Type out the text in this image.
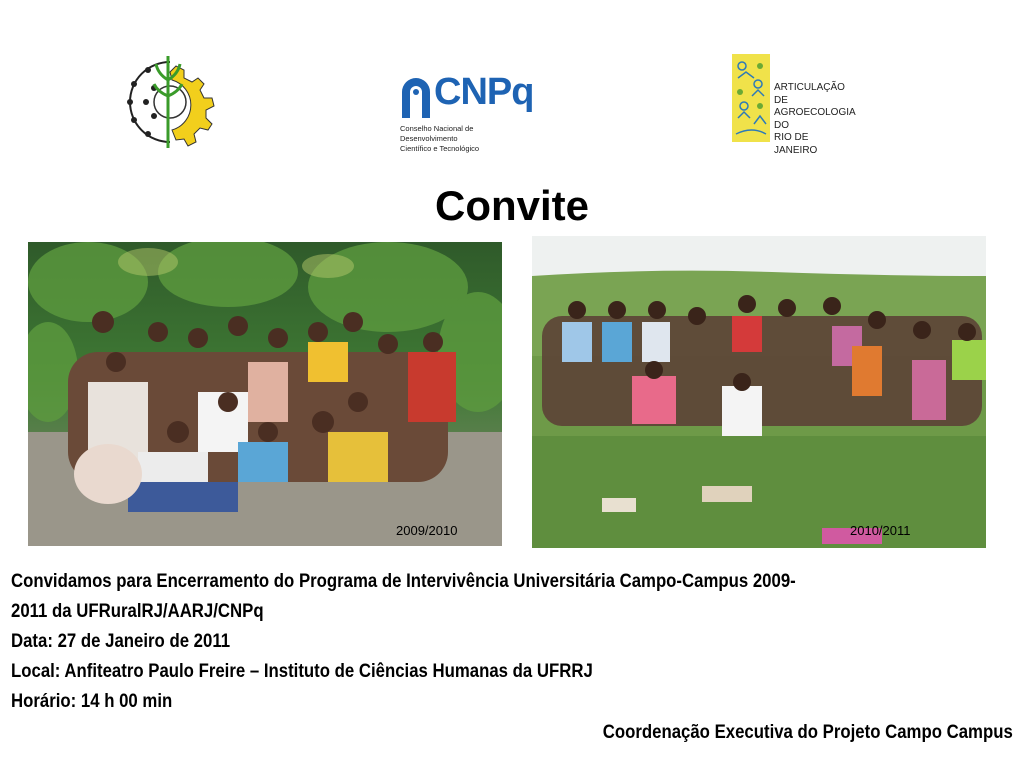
CNPq
Conselho Nacional de Desenvolvimento
Científico e Tecnológico
ARTICULAÇÃO DE
AGROECOLOGIA DO
RIO DE
JANEIRO
Convite
2009/2010	2010/2011
Convidamos para Encerramento do Programa de Intervivência Universitária Campo-Campus 2009-
2011 da UFRuralRJ/AARJ/CNPq
Data: 27 de Janeiro de 2011
Local: Anfiteatro Paulo Freire – Instituto de Ciências Humanas da UFRRJ
Horário: 14 h 00 min
Coordenação Executiva do Projeto Campo Campus
